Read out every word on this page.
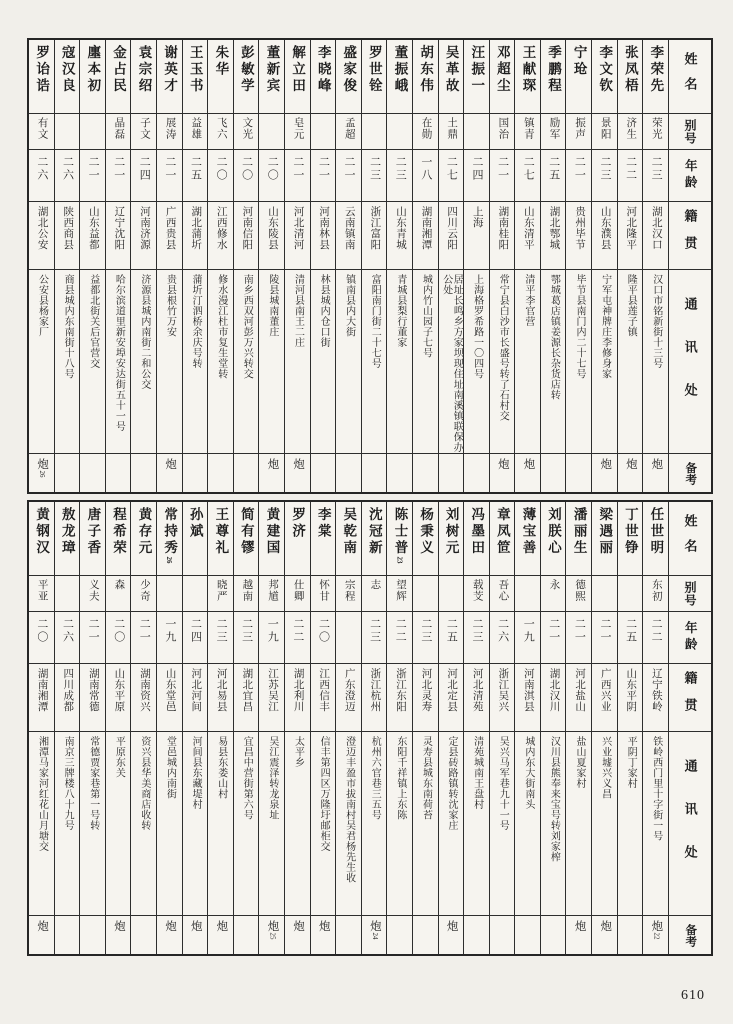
罗诒诰
有文
二六
湖北公安
公安县杨家厂
炮26
寇汉良
二六
陕西商县
商县城内东南街十八号
廛本初
二一
山东益都
益都北街关后官营交
金占民
晶磊
二一
辽宁沈阳
哈尔滨道里新安埠安达街五十一号
袁宗绍
子文
二四
河南济源
济源县城内南街二和公交
谢英才
展涛
二一
广西贵县
贵县根竹万安
炮
王玉书
益雄
二五
湖北蒲圻
蒲圻汀泗桥余庆号转
朱华
飞六
二〇
江西修水
修水漫江杜市复生堂转
彭敏学
文光
二〇
河南信阳
南乡西双河彭万兴转交
董新宾
二〇
山东陵县
陵县城南董庄
炮
解立田
皂元
二一
河北清河
清河县南王二庄
炮
李晓峰
二一
河南林县
林县城内仓口街
盛家俊
孟超
二一
云南镇南
镇南县内大街
罗世铨
二三
浙江富阳
富阳南门街二十七号
董振峨
二三
山东青城
青城县梨行董家
胡东伟
在勋
一八
湖南湘潭
城内竹山园子七号
吴革故
土鼎
二七
四川云阳
居址长鸣乡方家坝现住址南溪镇联保办公处
汪振一
二四
上海
上海格罗希路一〇四号
邓超尘
国治
二一
湖南桂阳
常宁县白沙市长盛号转了石村交
炮
王献琛
镇青
二七
山东清平
清平李官营
炮
季鹏程
励军
二五
湖北鄂城
鄂城葛店镇姜源长杂货店转
宁玱
振声
二一
贵州毕节
毕节县南门内二十七号
李文钦
景阳
二三
山东濮县
宁军屯神牌庄李修身家
炮
张凤梧
济生
二二
河北隆平
隆平县莲子镇
炮
李荣先
荣光
二三
湖北汉口
汉口市铭新街十三号
炮
姓名
别号
年龄
籍贯
通讯处
备考
黄钢汉
平亚
二〇
湖南湘潭
湘潭马家河红花山月塘交
炮
敖龙璋
二六
四川成都
南京三牌楼八十九号
唐子香
义夫
二一
湖南常德
常德贾家巷第一号转
程希荣
森
二〇
山东平原
平原东关
炮
黄存元
少奇
二一
湖南资兴
资兴县华美商店收转
常持秀26
一九
山东堂邑
堂邑城内南街
炮
孙斌
二四
河北河间
河间县东藏堤村
炮
王尊礼
晓严
二三
河北易县
易县东娄山村
炮
简有镠
越南
二三
湖北宜昌
宜昌中营街第六号
黄建国
邦馗
一九
江苏吴江
吴江震泽转龙泉址
炮25
罗济
仕卿
二二
湖北利川
太平乡
炮
李棠
怀甘
二〇
江西信丰
信丰第四区万隆圩邮柜交
炮
吴乾南
宗程
广东澄迈
澄迈丰盈市拔南村吴君杨先生收
沈冠新
志
二三
浙江杭州
杭州六官巷三五号
炮24
陈士普23
望辉
二二
浙江东阳
东阳千祥镇上东陈
杨秉义
二三
河北灵寿
灵寿县城东南荷苔
刘树元
二五
河北定县
定县砖路镇转沈家庄
炮
冯墨田
载芠
二三
河北清苑
清苑城南王盘村
章凤笸
吾心
二六
浙江吴兴
吴兴马军巷九十一号
薄宝善
一九
河南淇县
城内东大街南头
刘朕心
永
二一
湖北汉川
汉川县熊奉来宝号转刘家榨
潘丽生
德熙
二一
河北盐山
盐山夏家村
炮
梁遇丽
二一
广西兴业
兴业墟兴义昌
炮
丁世铮
二五
山东平阴
平阴丁家村
任世明
东初
二二
辽宁铁岭
铁岭西门里十字街一号
炮22
姓名
别号
年龄
籍贯
通讯处
备考
610
